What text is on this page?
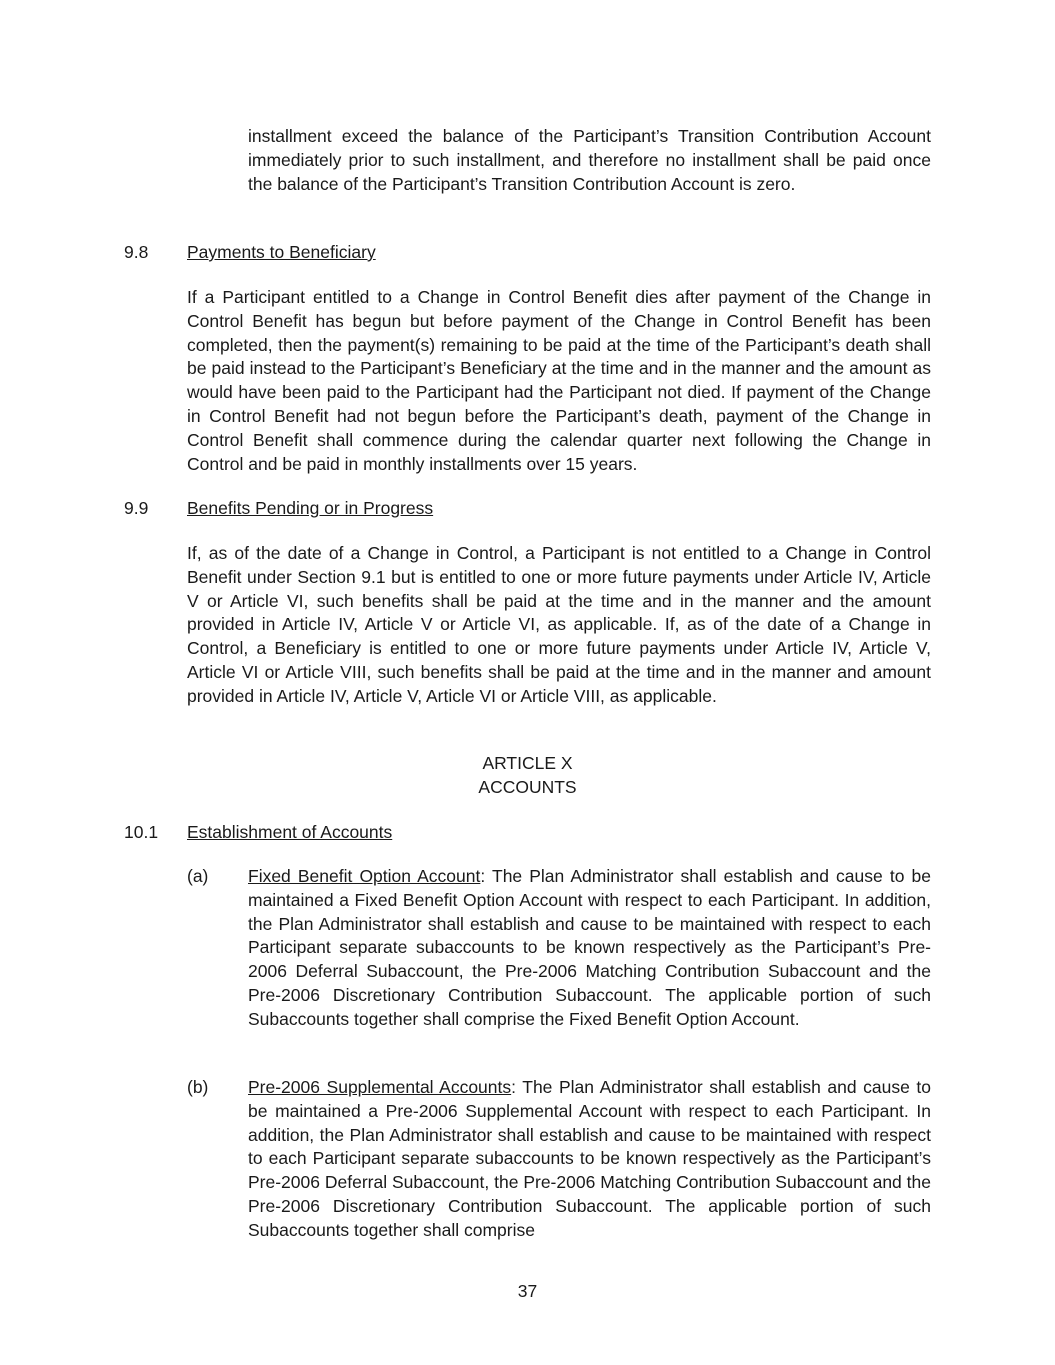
installment exceed the balance of the Participant’s Transition Contribution Account immediately prior to such installment, and therefore no installment shall be paid once the balance of the Participant’s Transition Contribution Account is zero.

9.8 Payments to Beneficiary

If a Participant entitled to a Change in Control Benefit dies after payment of the Change in Control Benefit has begun but before payment of the Change in Control Benefit has been completed, then the payment(s) remaining to be paid at the time of the Participant’s death shall be paid instead to the Participant’s Beneficiary at the time and in the manner and the amount as would have been paid to the Participant had the Participant not died. If payment of the Change in Control Benefit had not begun before the Participant’s death, payment of the Change in Control Benefit shall commence during the calendar quarter next following the Change in Control and be paid in monthly installments over 15 years.

9.9 Benefits Pending or in Progress

If, as of the date of a Change in Control, a Participant is not entitled to a Change in Control Benefit under Section 9.1 but is entitled to one or more future payments under Article IV, Article V or Article VI, such benefits shall be paid at the time and in the manner and the amount provided in Article IV, Article V or Article VI, as applicable. If, as of the date of a Change in Control, a Beneficiary is entitled to one or more future payments under Article IV, Article V, Article VI or Article VIII, such benefits shall be paid at the time and in the manner and amount provided in Article IV, Article V, Article VI or Article VIII, as applicable.

ARTICLE X

ACCOUNTS

10.1 Establishment of Accounts

(a) Fixed Benefit Option Account: The Plan Administrator shall establish and cause to be maintained a Fixed Benefit Option Account with respect to each Participant. In addition, the Plan Administrator shall establish and cause to be maintained with respect to each Participant separate subaccounts to be known respectively as the Participant’s Pre-2006 Deferral Subaccount, the Pre-2006 Matching Contribution Subaccount and the Pre-2006 Discretionary Contribution Subaccount. The applicable portion of such Subaccounts together shall comprise the Fixed Benefit Option Account.

(b) Pre-2006 Supplemental Accounts: The Plan Administrator shall establish and cause to be maintained a Pre-2006 Supplemental Account with respect to each Participant. In addition, the Plan Administrator shall establish and cause to be maintained with respect to each Participant separate subaccounts to be known respectively as the Participant’s Pre-2006 Deferral Subaccount, the Pre-2006 Matching Contribution Subaccount and the Pre-2006 Discretionary Contribution Subaccount. The applicable portion of such Subaccounts together shall comprise

37
